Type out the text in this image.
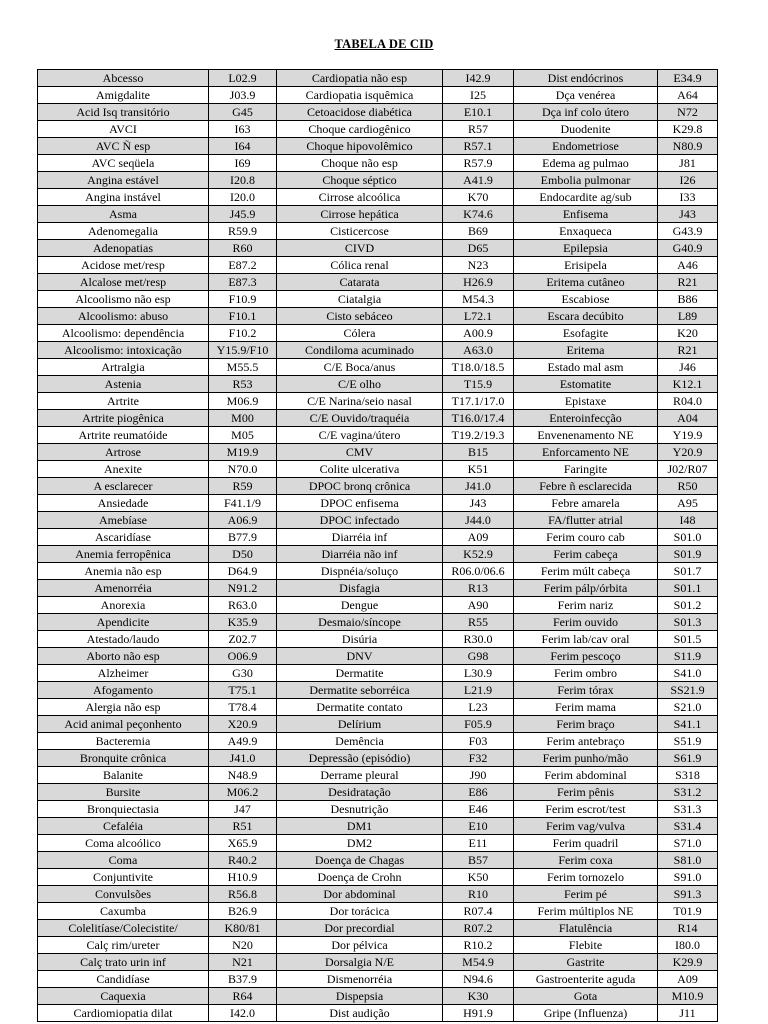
TABELA DE CID
Abcesso	L02.9	Cardiopatia não esp	I42.9	Dist endócrinos	E34.9
Amigdalite	J03.9	Cardiopatia isquêmica	I25	Dça venérea	A64
Acid Isq transitório	G45	Cetoacidose diabética	E10.1	Dça inf colo útero	N72
AVCI	I63	Choque cardiogênico	R57	Duodenite	K29.8
AVC Ñ esp	I64	Choque hipovolêmico	R57.1	Endometriose	N80.9
AVC seqüela	I69	Choque não esp	R57.9	Edema ag pulmao	J81
Angina estável	I20.8	Choque séptico	A41.9	Embolia pulmonar	I26
Angina instável	I20.0	Cirrose alcoólica	K70	Endocardite ag/sub	I33
Asma	J45.9	Cirrose hepática	K74.6	Enfisema	J43
Adenomegalia	R59.9	Cisticercose	B69	Enxaqueca	G43.9
Adenopatias	R60	CIVD	D65	Epilepsia	G40.9
Acidose met/resp	E87.2	Cólica renal	N23	Erisipela	A46
Alcalose met/resp	E87.3	Catarata	H26.9	Eritema cutâneo	R21
Alcoolismo não esp	F10.9	Ciatalgia	M54.3	Escabiose	B86
Alcoolismo: abuso	F10.1	Cisto sebáceo	L72.1	Escara decúbito	L89
Alcoolismo: dependência	F10.2	Cólera	A00.9	Esofagite	K20
Alcoolismo: intoxicação	Y15.9/F10	Condiloma acuminado	A63.0	Eritema	R21
Artralgia	M55.5	C/E Boca/anus	T18.0/18.5	Estado mal asm	J46
Astenia	R53	C/E olho	T15.9	Estomatite	K12.1
Artrite	M06.9	C/E Narina/seio nasal	T17.1/17.0	Epistaxe	R04.0
Artrite piogênica	M00	C/E Ouvido/traquéia	T16.0/17.4	Enteroinfecção	A04
Artrite reumatóide	M05	C/E vagina/útero	T19.2/19.3	Envenenamento NE	Y19.9
Artrose	M19.9	CMV	B15	Enforcamento NE	Y20.9
Anexite	N70.0	Colite ulcerativa	K51	Faringite	J02/R07
A esclarecer	R59	DPOC bronq crônica	J41.0	Febre ñ esclarecida	R50
Ansiedade	F41.1/9	DPOC enfisema	J43	Febre amarela	A95
Amebíase	A06.9	DPOC infectado	J44.0	FA/flutter atrial	I48
Ascaridíase	B77.9	Diarréia inf	A09	Ferim couro cab	S01.0
Anemia ferropênica	D50	Diarréia não inf	K52.9	Ferim cabeça	S01.9
Anemia não esp	D64.9	Dispnéia/soluço	R06.0/06.6	Ferim múlt cabeça	S01.7
Amenorréia	N91.2	Disfagia	R13	Ferim pálp/órbita	S01.1
Anorexia	R63.0	Dengue	A90	Ferim nariz	S01.2
Apendicite	K35.9	Desmaio/síncope	R55	Ferim ouvido	S01.3
Atestado/laudo	Z02.7	Disúria	R30.0	Ferim lab/cav oral	S01.5
Aborto não esp	O06.9	DNV	G98	Ferim pescoço	S11.9
Alzheimer	G30	Dermatite	L30.9	Ferim ombro	S41.0
Afogamento	T75.1	Dermatite seborréica	L21.9	Ferim tórax	SS21.9
Alergia não esp	T78.4	Dermatite contato	L23	Ferim mama	S21.0
Acid animal peçonhento	X20.9	Delírium	F05.9	Ferim braço	S41.1
Bacteremia	A49.9	Demência	F03	Ferim antebraço	S51.9
Bronquite crônica	J41.0	Depressão (episódio)	F32	Ferim punho/mão	S61.9
Balanite	N48.9	Derrame pleural	J90	Ferim abdominal	S318
Bursite	M06.2	Desidratação	E86	Ferim pênis	S31.2
Bronquiectasia	J47	Desnutrição	E46	Ferim escrot/test	S31.3
Cefaléia	R51	DM1	E10	Ferim vag/vulva	S31.4
Coma alcoólico	X65.9	DM2	E11	Ferim quadril	S71.0
Coma	R40.2	Doença de Chagas	B57	Ferim coxa	S81.0
Conjuntivite	H10.9	Doença de Crohn	K50	Ferim tornozelo	S91.0
Convulsões	R56.8	Dor abdominal	R10	Ferim pé	S91.3
Caxumba	B26.9	Dor torácica	R07.4	Ferim múltiplos NE	T01.9
Colelitíase/Colecistite/	K80/81	Dor precordial	R07.2	Flatulência	R14
Calç rim/ureter	N20	Dor pélvica	R10.2	Flebite	I80.0
Calç trato urin inf	N21	Dorsalgia N/E	M54.9	Gastrite	K29.9
Candidíase	B37.9	Dismenorréia	N94.6	Gastroenterite aguda	A09
Caquexia	R64	Dispepsia	K30	Gota	M10.9
Cardiomiopatia dilat	I42.0	Dist audição	H91.9	Gripe (Influenza)	J11
